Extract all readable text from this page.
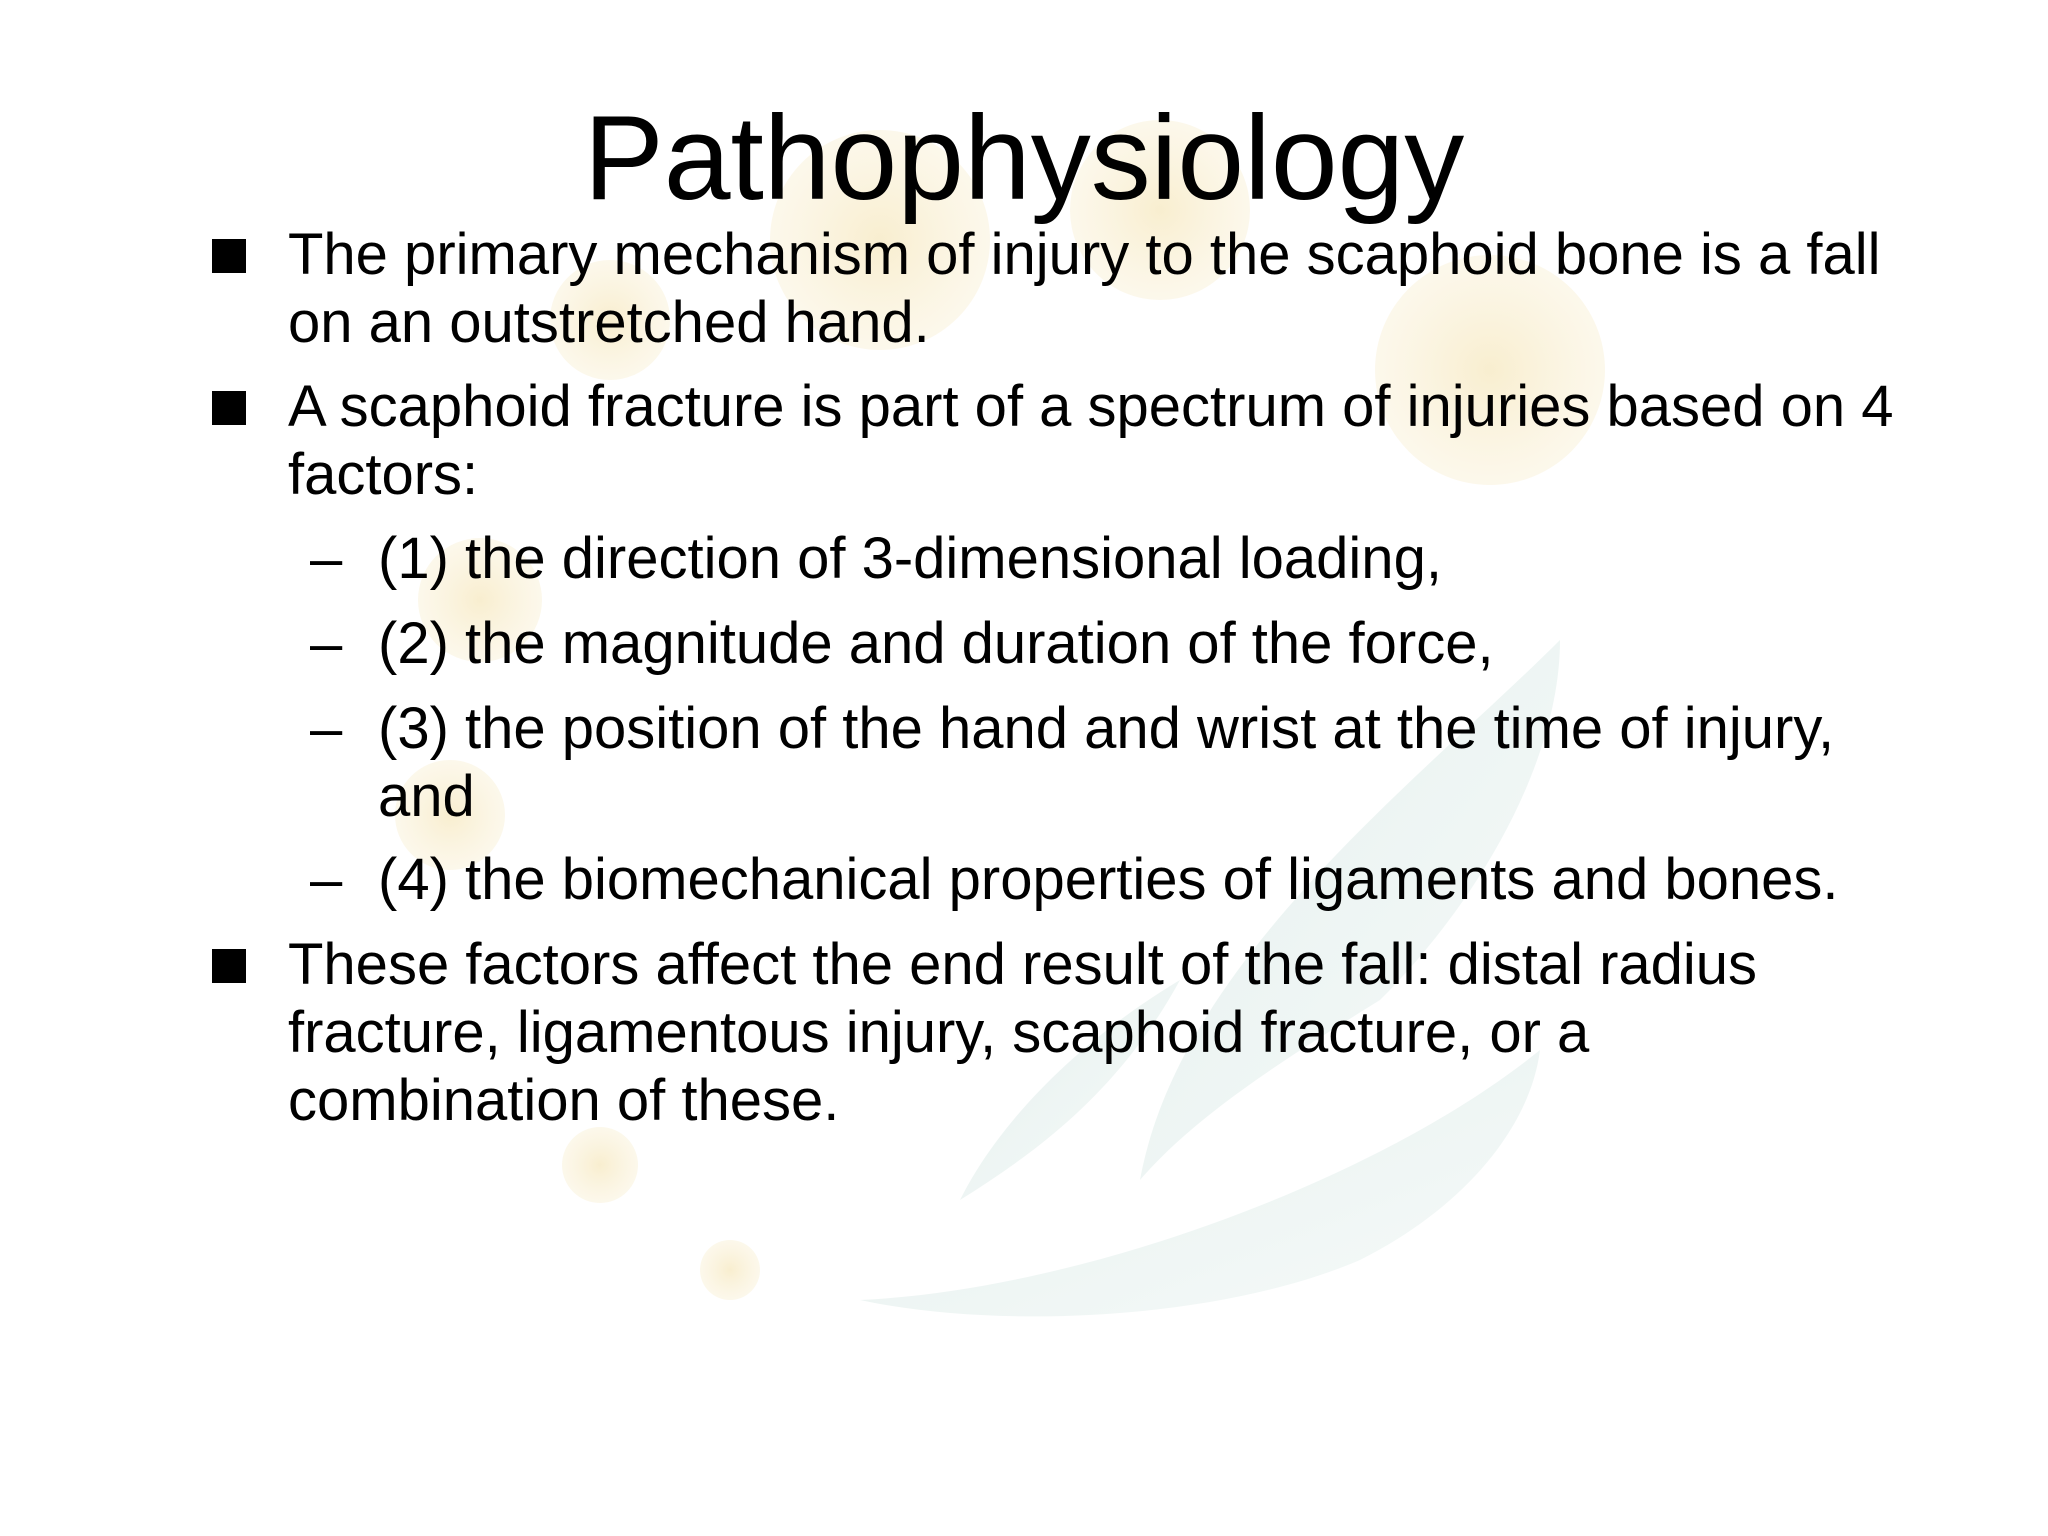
Pathophysiology
The primary mechanism of injury to the scaphoid bone is a fall on an outstretched hand.
A scaphoid fracture is part of a spectrum of injuries based on 4 factors:
– (1) the direction of 3-dimensional loading,
– (2) the magnitude and duration of the force,
– (3) the position of the hand and wrist at the time of injury, and
– (4) the biomechanical properties of ligaments and bones.
These factors affect the end result of the fall: distal radius fracture, ligamentous injury, scaphoid fracture, or a combination of these.
